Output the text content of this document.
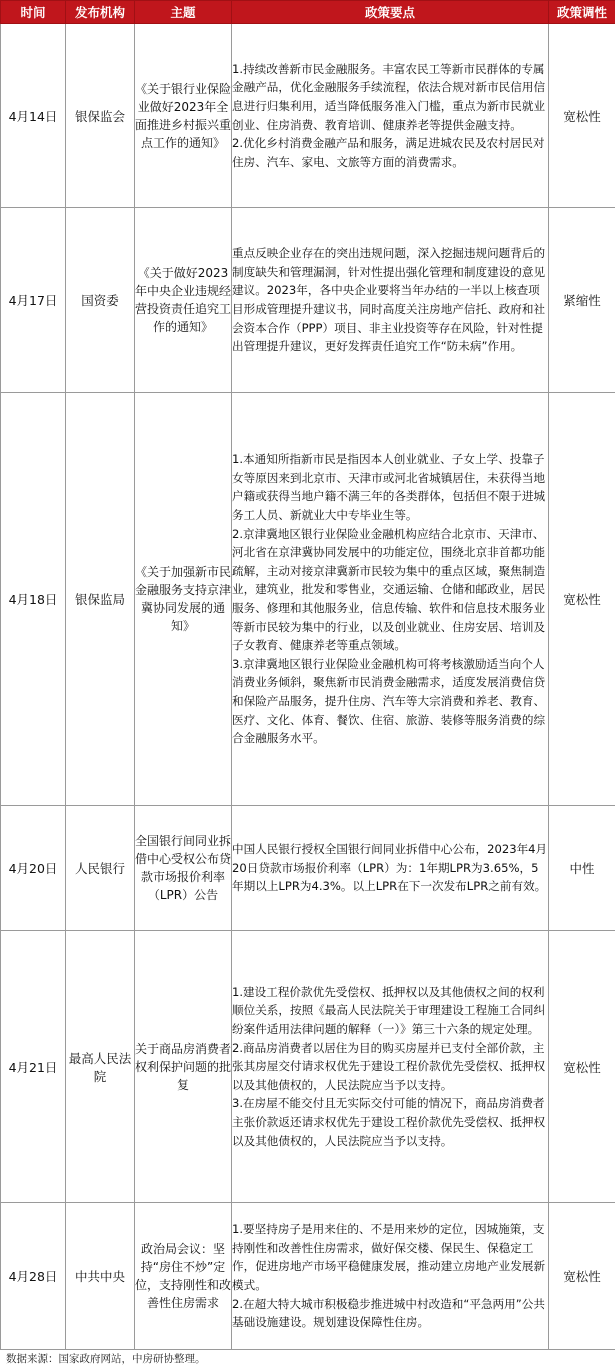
时间	发布机构	主题	政策要点	政策调性
4月14日	银保监会	《关于银行业保险业做好2023年全面推进乡村振兴重点工作的通知》	1.持续改善新市民金融服务。丰富农民工等新市民群体的专属金融产品，优化金融服务手续流程，依法合规对新市民信用信息进行归集利用，适当降低服务准入门槛，重点为新市民就业创业、住房消费、教育培训、健康养老等提供金融支持。

2.优化乡村消费金融产品和服务，满足进城农民及农村居民对住房、汽车、家电、文旅等方面的消费需求。	宽松性
4月17日	国资委	《关于做好2023年中央企业违规经营投资责任追究工作的通知》	重点反映企业存在的突出违规问题，深入挖掘违规问题背后的制度缺失和管理漏洞，针对性提出强化管理和制度建设的意见建议。2023年，各中央企业要将当年办结的一半以上核查项目形成管理提升建议书，同时高度关注房地产信托、政府和社会资本合作（PPP）项目、非主业投资等存在风险，针对性提出管理提升建议，更好发挥责任追究工作“防未病”作用。	紧缩性
4月18日	银保监局	《关于加强新市民金融服务支持京津冀协同发展的通知》	1.本通知所指新市民是指因本人创业就业、子女上学、投靠子女等原因来到北京市、天津市或河北省城镇居住，未获得当地户籍或获得当地户籍不满三年的各类群体，包括但不限于进城务工人员、新就业大中专毕业生等。

2.京津冀地区银行业保险业金融机构应结合北京市、天津市、河北省在京津冀协同发展中的功能定位，围绕北京非首都功能疏解，主动对接京津冀新市民较为集中的重点区域，聚焦制造业，建筑业，批发和零售业，交通运输、仓储和邮政业，居民服务、修理和其他服务业，信息传输、软件和信息技术服务业等新市民较为集中的行业，以及创业就业、住房安居、培训及子女教育、健康养老等重点领域。

3.京津冀地区银行业保险业金融机构可将考核激励适当向个人消费业务倾斜，聚焦新市民消费金融需求，适度发展消费信贷和保险产品服务，提升住房、汽车等大宗消费和养老、教育、医疗、文化、体育、餐饮、住宿、旅游、装修等服务消费的综合金融服务水平。	宽松性
4月20日	人民银行	全国银行间同业拆借中心受权公布贷款市场报价利率（LPR）公告	中国人民银行授权全国银行间同业拆借中心公布，2023年4月20日贷款市场报价利率（LPR）为：1年期LPR为3.65%，5年期以上LPR为4.3%。以上LPR在下一次发布LPR之前有效。	中性
4月21日	最高人民法院	关于商品房消费者权利保护问题的批复	1.建设工程价款优先受偿权、抵押权以及其他债权之间的权利顺位关系，按照《最高人民法院关于审理建设工程施工合同纠纷案件适用法律问题的解释（一）》第三十六条的规定处理。

2.商品房消费者以居住为目的购买房屋并已支付全部价款，主张其房屋交付请求权优先于建设工程价款优先受偿权、抵押权以及其他债权的，人民法院应当予以支持。

3.在房屋不能交付且无实际交付可能的情况下，商品房消费者主张价款返还请求权优先于建设工程价款优先受偿权、抵押权以及其他债权的，人民法院应当予以支持。	宽松性
4月28日	中共中央	政治局会议：坚持“房住不炒”定位，支持刚性和改善性住房需求	1.要坚持房子是用来住的、不是用来炒的定位，因城施策，支持刚性和改善性住房需求，做好保交楼、保民生、保稳定工作，促进房地产市场平稳健康发展，推动建立房地产业发展新模式。

2.在超大特大城市积极稳步推进城中村改造和“平急两用”公共基础设施建设。规划建设保障性住房。	宽松性
数据来源：国家政府网站，中房研协整理。
